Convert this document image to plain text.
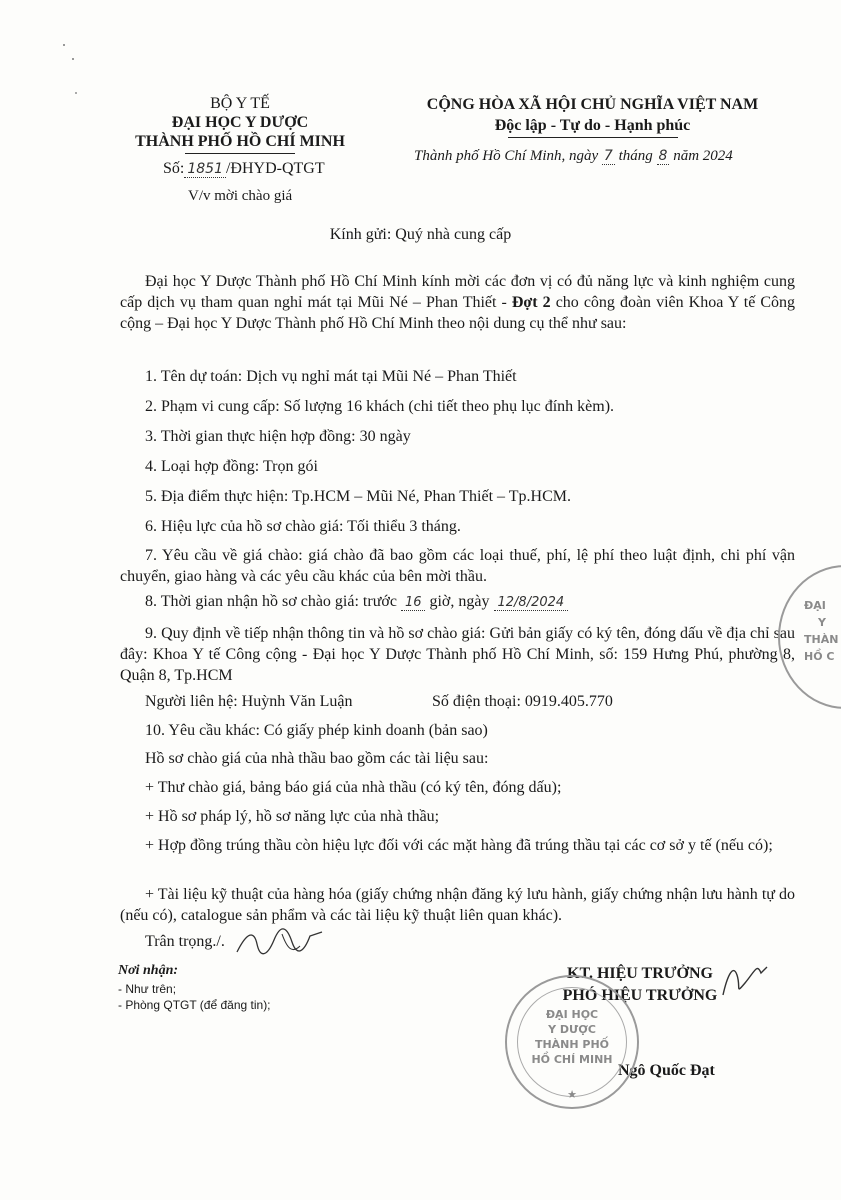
BỘ Y TẾ
ĐẠI HỌC Y DƯỢC
THÀNH PHỐ HỒ CHÍ MINH
Số: 1851 /ĐHYD-QTGT
V/v mời chào giá
CỘNG HÒA XÃ HỘI CHỦ NGHĨA VIỆT NAM
Độc lập - Tự do - Hạnh phúc
Thành phố Hồ Chí Minh, ngày 7 tháng 8 năm 2024
Kính gửi: Quý nhà cung cấp
Đại học Y Dược Thành phố Hồ Chí Minh kính mời các đơn vị có đủ năng lực và kinh nghiệm cung cấp dịch vụ tham quan nghỉ mát tại Mũi Né – Phan Thiết - Đợt 2 cho công đoàn viên Khoa Y tế Công cộng – Đại học Y Dược Thành phố Hồ Chí Minh theo nội dung cụ thể như sau:
1. Tên dự toán: Dịch vụ nghỉ mát tại Mũi Né – Phan Thiết
2. Phạm vi cung cấp: Số lượng 16 khách (chi tiết theo phụ lục đính kèm).
3. Thời gian thực hiện hợp đồng: 30 ngày
4. Loại hợp đồng: Trọn gói
5. Địa điểm thực hiện: Tp.HCM – Mũi Né, Phan Thiết – Tp.HCM.
6. Hiệu lực của hồ sơ chào giá: Tối thiểu 3 tháng.
7. Yêu cầu về giá chào: giá chào đã bao gồm các loại thuế, phí, lệ phí theo luật định, chi phí vận chuyển, giao hàng và các yêu cầu khác của bên mời thầu.
8. Thời gian nhận hồ sơ chào giá: trước 16 giờ, ngày 12/8/2024
9. Quy định về tiếp nhận thông tin và hồ sơ chào giá: Gửi bản giấy có ký tên, đóng dấu về địa chỉ sau đây: Khoa Y tế Công cộng - Đại học Y Dược Thành phố Hồ Chí Minh, số: 159 Hưng Phú, phường 8, Quận 8, Tp.HCM
Người liên hệ: Huỳnh Văn Luận	Số điện thoại: 0919.405.770
10. Yêu cầu khác: Có giấy phép kinh doanh (bản sao)
Hồ sơ chào giá của nhà thầu bao gồm các tài liệu sau:
+ Thư chào giá, bảng báo giá của nhà thầu (có ký tên, đóng dấu);
+ Hồ sơ pháp lý, hồ sơ năng lực của nhà thầu;
+ Hợp đồng trúng thầu còn hiệu lực đối với các mặt hàng đã trúng thầu tại các cơ sở y tế (nếu có);
+ Tài liệu kỹ thuật của hàng hóa (giấy chứng nhận đăng ký lưu hành, giấy chứng nhận lưu hành tự do (nếu có), catalogue sản phẩm và các tài liệu kỹ thuật liên quan khác).
Trân trọng./.
Nơi nhận:
- Như trên;
- Phòng QTGT (để đăng tin);
KT. HIỆU TRƯỞNG
PHÓ HIỆU TRƯỞNG
Ngô Quốc Đạt
ĐẠI HỌC
Y DƯỢC
THÀNH PHỐ
HỒ CHÍ MINH
★
ĐẠI
Y
THÀN
HỒ C
